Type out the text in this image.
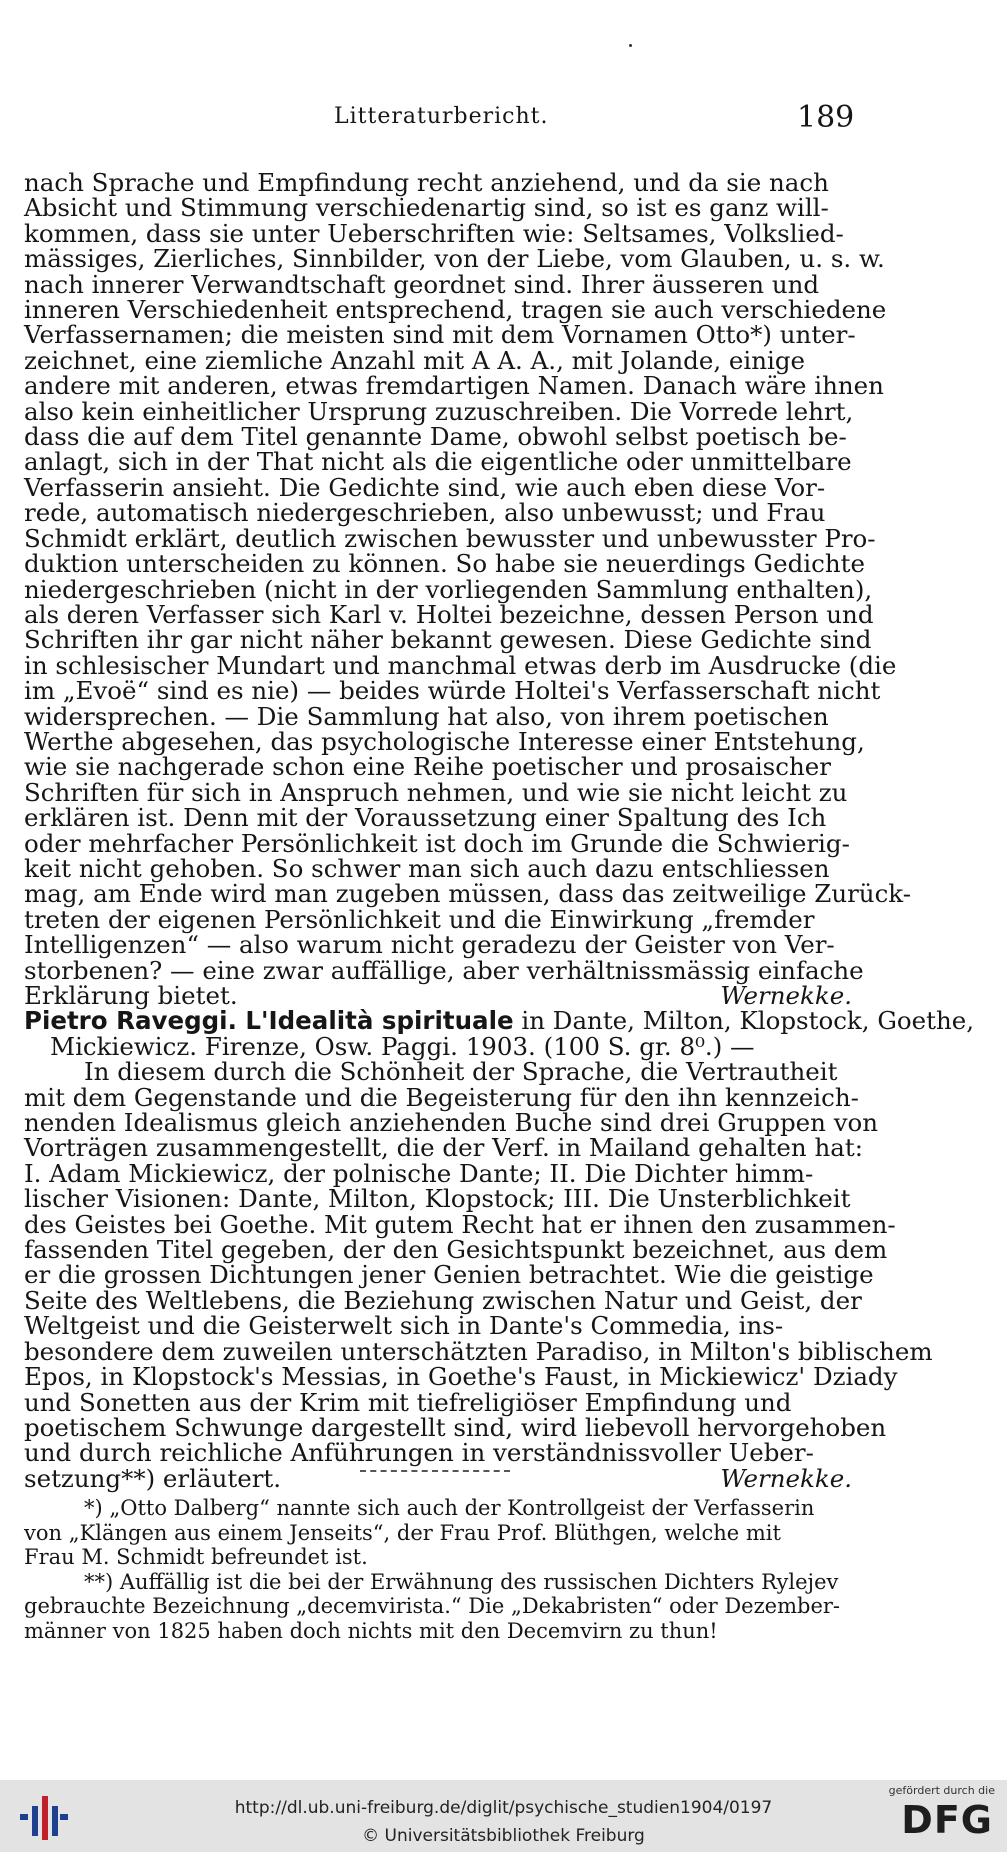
Litteraturbericht.	189
nach Sprache und Empfindung recht anziehend, und da sie nach
Absicht und Stimmung verschiedenartig sind, so ist es ganz will-
kommen, dass sie unter Ueberschriften wie: Seltsames, Volkslied-
mässiges, Zierliches, Sinnbilder, von der Liebe, vom Glauben, u. s. w.
nach innerer Verwandtschaft geordnet sind. Ihrer äusseren und
inneren Verschiedenheit entsprechend, tragen sie auch verschiedene
Verfassernamen; die meisten sind mit dem Vornamen Otto*) unter-
zeichnet, eine ziemliche Anzahl mit A A. A., mit Jolande, einige
andere mit anderen, etwas fremdartigen Namen. Danach wäre ihnen
also kein einheitlicher Ursprung zuzuschreiben. Die Vorrede lehrt,
dass die auf dem Titel genannte Dame, obwohl selbst poetisch be-
anlagt, sich in der That nicht als die eigentliche oder unmittelbare
Verfasserin ansieht. Die Gedichte sind, wie auch eben diese Vor-
rede, automatisch niedergeschrieben, also unbewusst; und Frau
Schmidt erklärt, deutlich zwischen bewusster und unbewusster Pro-
duktion unterscheiden zu können. So habe sie neuerdings Gedichte
niedergeschrieben (nicht in der vorliegenden Sammlung enthalten),
als deren Verfasser sich Karl v. Holtei bezeichne, dessen Person und
Schriften ihr gar nicht näher bekannt gewesen. Diese Gedichte sind
in schlesischer Mundart und manchmal etwas derb im Ausdrucke (die
im „Evoë“ sind es nie) — beides würde Holtei's Verfasserschaft nicht
widersprechen. — Die Sammlung hat also, von ihrem poetischen
Werthe abgesehen, das psychologische Interesse einer Entstehung,
wie sie nachgerade schon eine Reihe poetischer und prosaischer
Schriften für sich in Anspruch nehmen, und wie sie nicht leicht zu
erklären ist. Denn mit der Voraussetzung einer Spaltung des Ich
oder mehrfacher Persönlichkeit ist doch im Grunde die Schwierig-
keit nicht gehoben. So schwer man sich auch dazu entschliessen
mag, am Ende wird man zugeben müssen, dass das zeitweilige Zurück-
treten der eigenen Persönlichkeit und die Einwirkung „fremder
Intelligenzen“ — also warum nicht geradezu der Geister von Ver-
storbenen? — eine zwar auffällige, aber verhältnissmässig einfache
Erklärung bietet.	Wernekke.
Pietro Raveggi. L'Idealità spirituale in Dante, Milton, Klopstock, Goethe,
Mickiewicz. Firenze, Osw. Paggi. 1903. (100 S. gr. 8⁰.) —
In diesem durch die Schönheit der Sprache, die Vertrautheit
mit dem Gegenstande und die Begeisterung für den ihn kennzeich-
nenden Idealismus gleich anziehenden Buche sind drei Gruppen von
Vorträgen zusammengestellt, die der Verf. in Mailand gehalten hat:
I. Adam Mickiewicz, der polnische Dante; II. Die Dichter himm-
lischer Visionen: Dante, Milton, Klopstock; III. Die Unsterblichkeit
des Geistes bei Goethe. Mit gutem Recht hat er ihnen den zusammen-
fassenden Titel gegeben, der den Gesichtspunkt bezeichnet, aus dem
er die grossen Dichtungen jener Genien betrachtet. Wie die geistige
Seite des Weltlebens, die Beziehung zwischen Natur und Geist, der
Weltgeist und die Geisterwelt sich in Dante's Commedia, ins-
besondere dem zuweilen unterschätzten Paradiso, in Milton's biblischem
Epos, in Klopstock's Messias, in Goethe's Faust, in Mickiewicz' Dziady
und Sonetten aus der Krim mit tiefreligiöser Empfindung und
poetischem Schwunge dargestellt sind, wird liebevoll hervorgehoben
und durch reichliche Anführungen in verständnissvoller Ueber-
setzung**) erläutert.	Wernekke.
*) „Otto Dalberg“ nannte sich auch der Kontrollgeist der Verfasserin
von „Klängen aus einem Jenseits“, der Frau Prof. Blüthgen, welche mit
Frau M. Schmidt befreundet ist.
**) Auffällig ist die bei der Erwähnung des russischen Dichters Rylejev
gebrauchte Bezeichnung „decemvirista.“ Die „Dekabristen“ oder Dezember-
männer von 1825 haben doch nichts mit den Decemvirn zu thun!
http://dl.ub.uni-freiburg.de/diglit/psychische_studien1904/0197
© Universitätsbibliothek Freiburg
gefördert durch die
DFG
